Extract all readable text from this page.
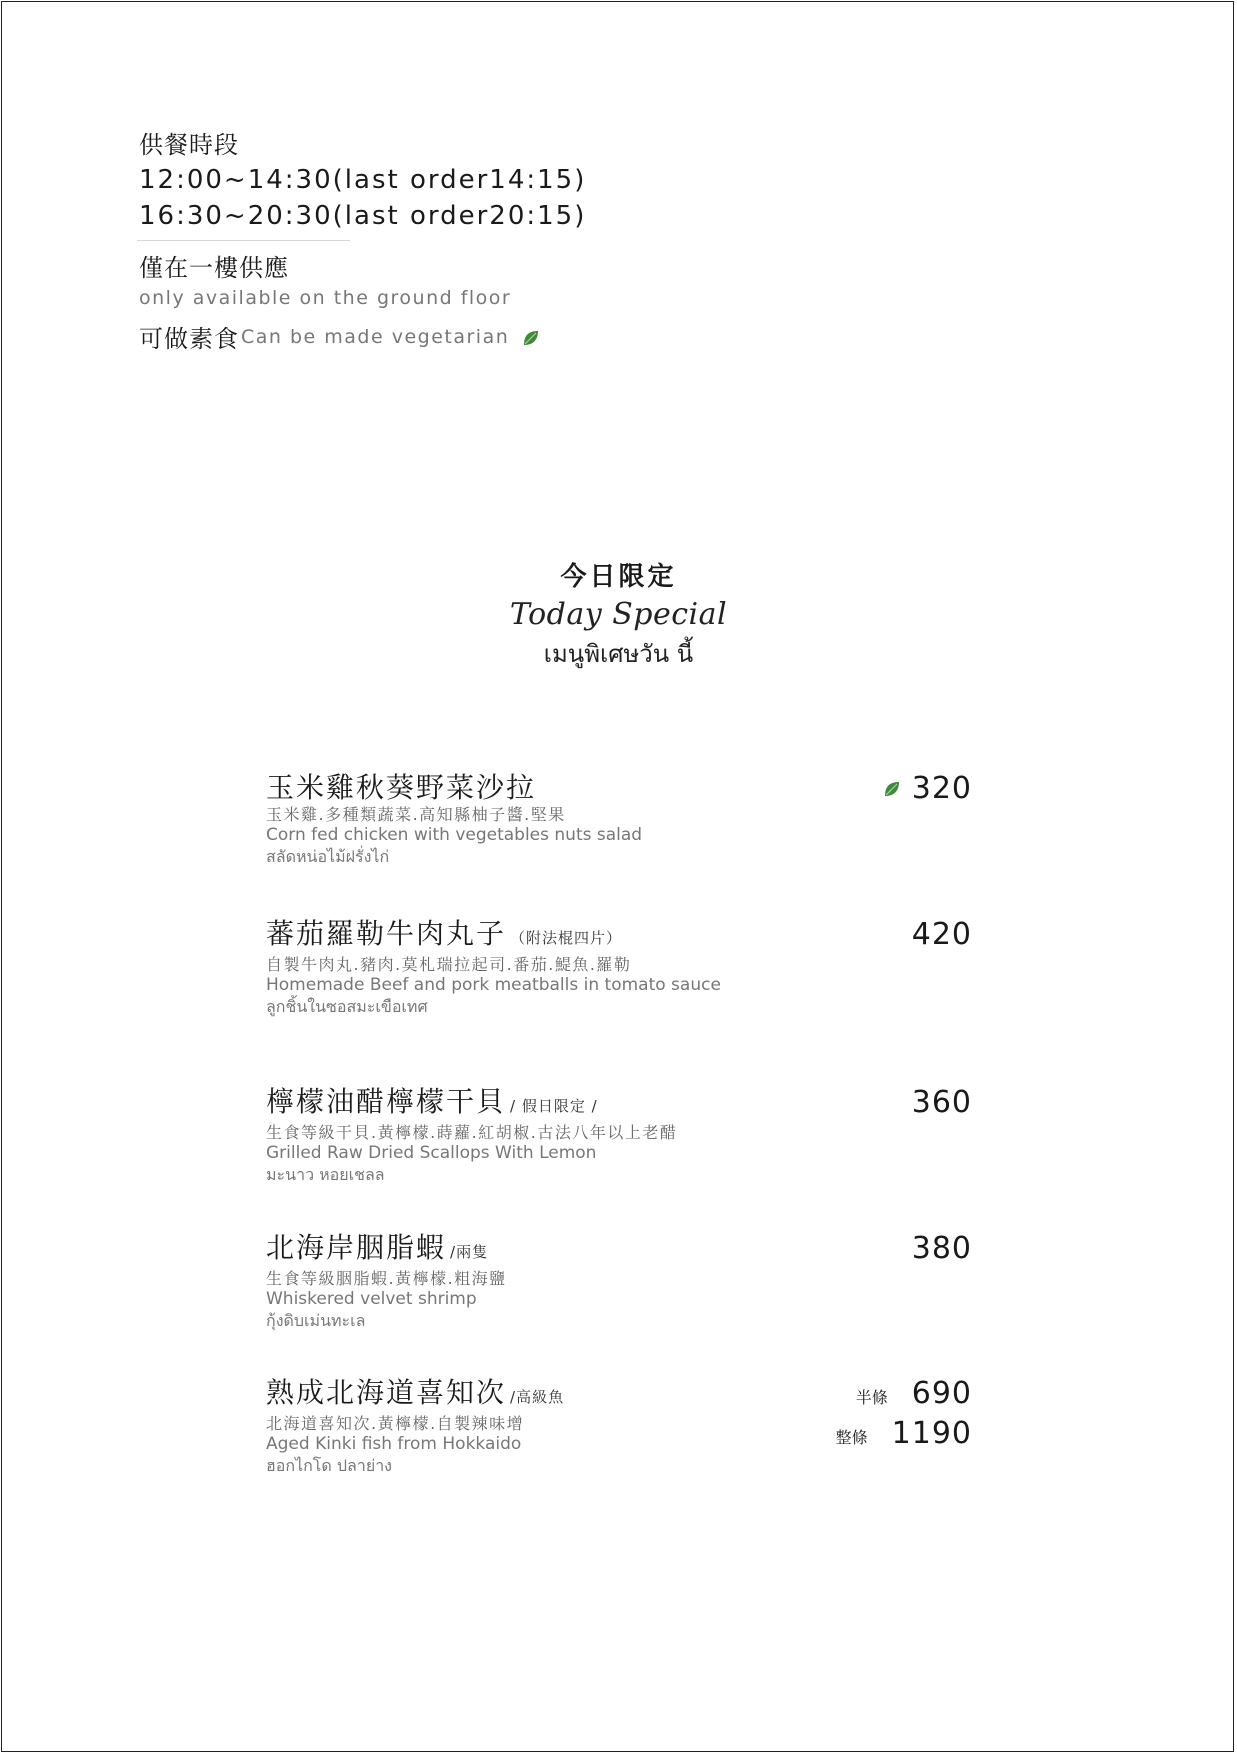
供餐時段
12:00~14:30(last order14:15)
16:30~20:30(last order20:15)
僅在一樓供應
only available on the ground floor
可做素食 Can be made vegetarian
今日限定
Today Special
เมนูพิเศษวัน นี้
玉米雞秋葵野菜沙拉
玉米雞.多種類蔬菜.高知縣柚子醬.堅果
Corn fed chicken with vegetables nuts salad
สลัดหน่อไม้ฝรั่งไก่
320
蕃茄羅勒牛肉丸子 （附法棍四片）
自製牛肉丸.豬肉.莫札瑞拉起司.番茄.鯷魚.羅勒
Homemade Beef and pork meatballs in tomato sauce
ลูกชิ้นในซอสมะเขือเทศ
420
檸檬油醋檸檬干貝 / 假日限定 /
生食等級干貝.黃檸檬.蒔蘿.紅胡椒.古法八年以上老醋
Grilled Raw Dried Scallops With Lemon
มะนาว หอยเชลล
360
北海岸胭脂蝦 /兩隻
生食等級胭脂蝦.黃檸檬.粗海鹽
Whiskered velvet shrimp
กุ้งดิบเม่นทะเล
380
熟成北海道喜知次 /高級魚
北海道喜知次.黃檸檬.自製辣味增
Aged Kinki fish from Hokkaido
ฮอกไกโด ปลาย่าง
半條 690
整條 1190
